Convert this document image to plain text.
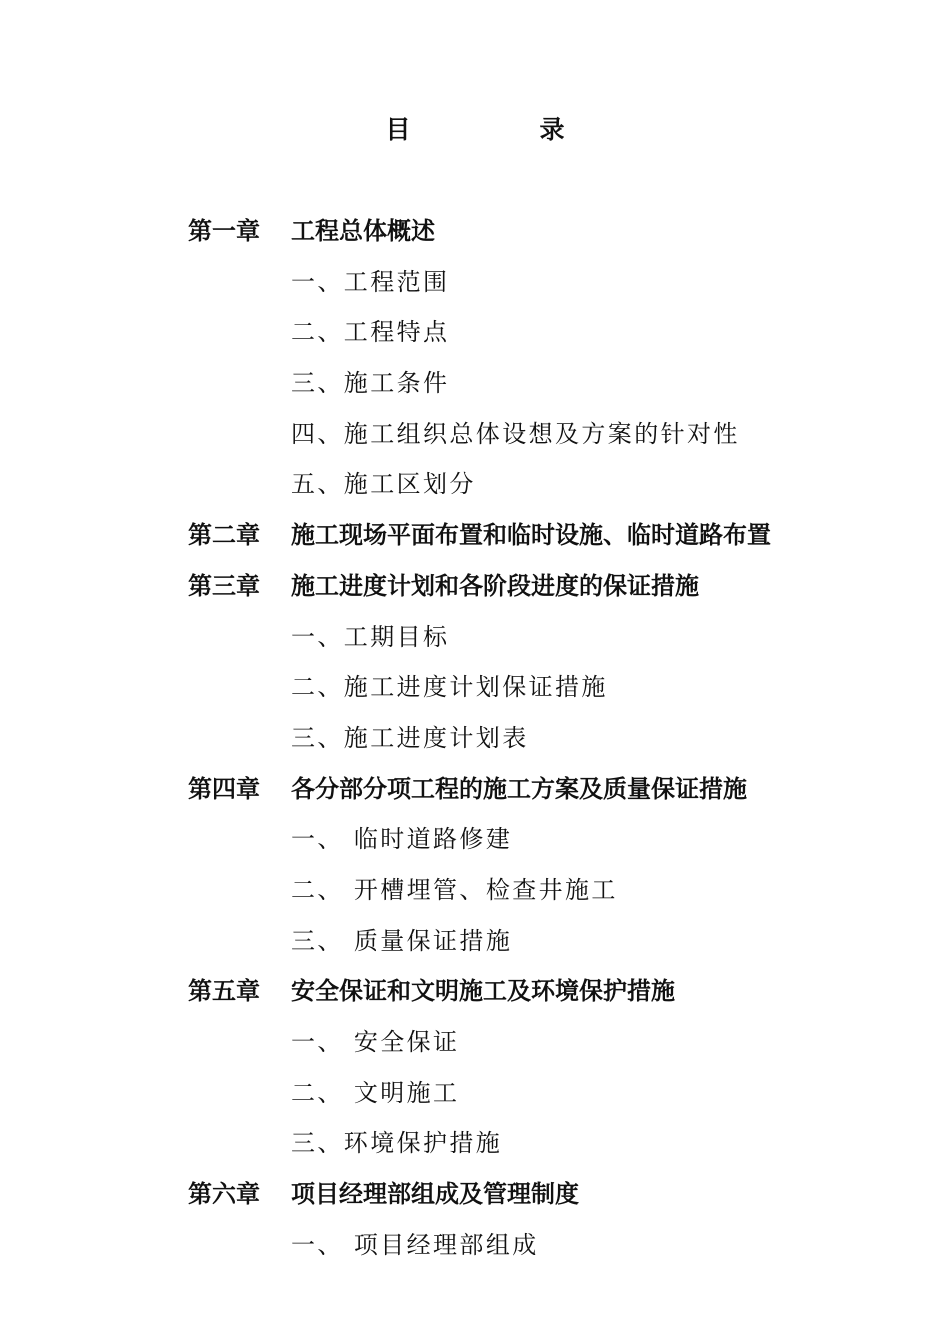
目　录
第一章 工程总体概述
一、工程范围
二、工程特点
三、施工条件
四、施工组织总体设想及方案的针对性
五、施工区划分
第二章 施工现场平面布置和临时设施、临时道路布置
第三章 施工进度计划和各阶段进度的保证措施
一、工期目标
二、施工进度计划保证措施
三、施工进度计划表
第四章 各分部分项工程的施工方案及质量保证措施
一、 临时道路修建
二、 开槽埋管、检查井施工
三、 质量保证措施
第五章 安全保证和文明施工及环境保护措施
一、 安全保证
二、 文明施工
三、环境保护措施
第六章 项目经理部组成及管理制度
一、 项目经理部组成
